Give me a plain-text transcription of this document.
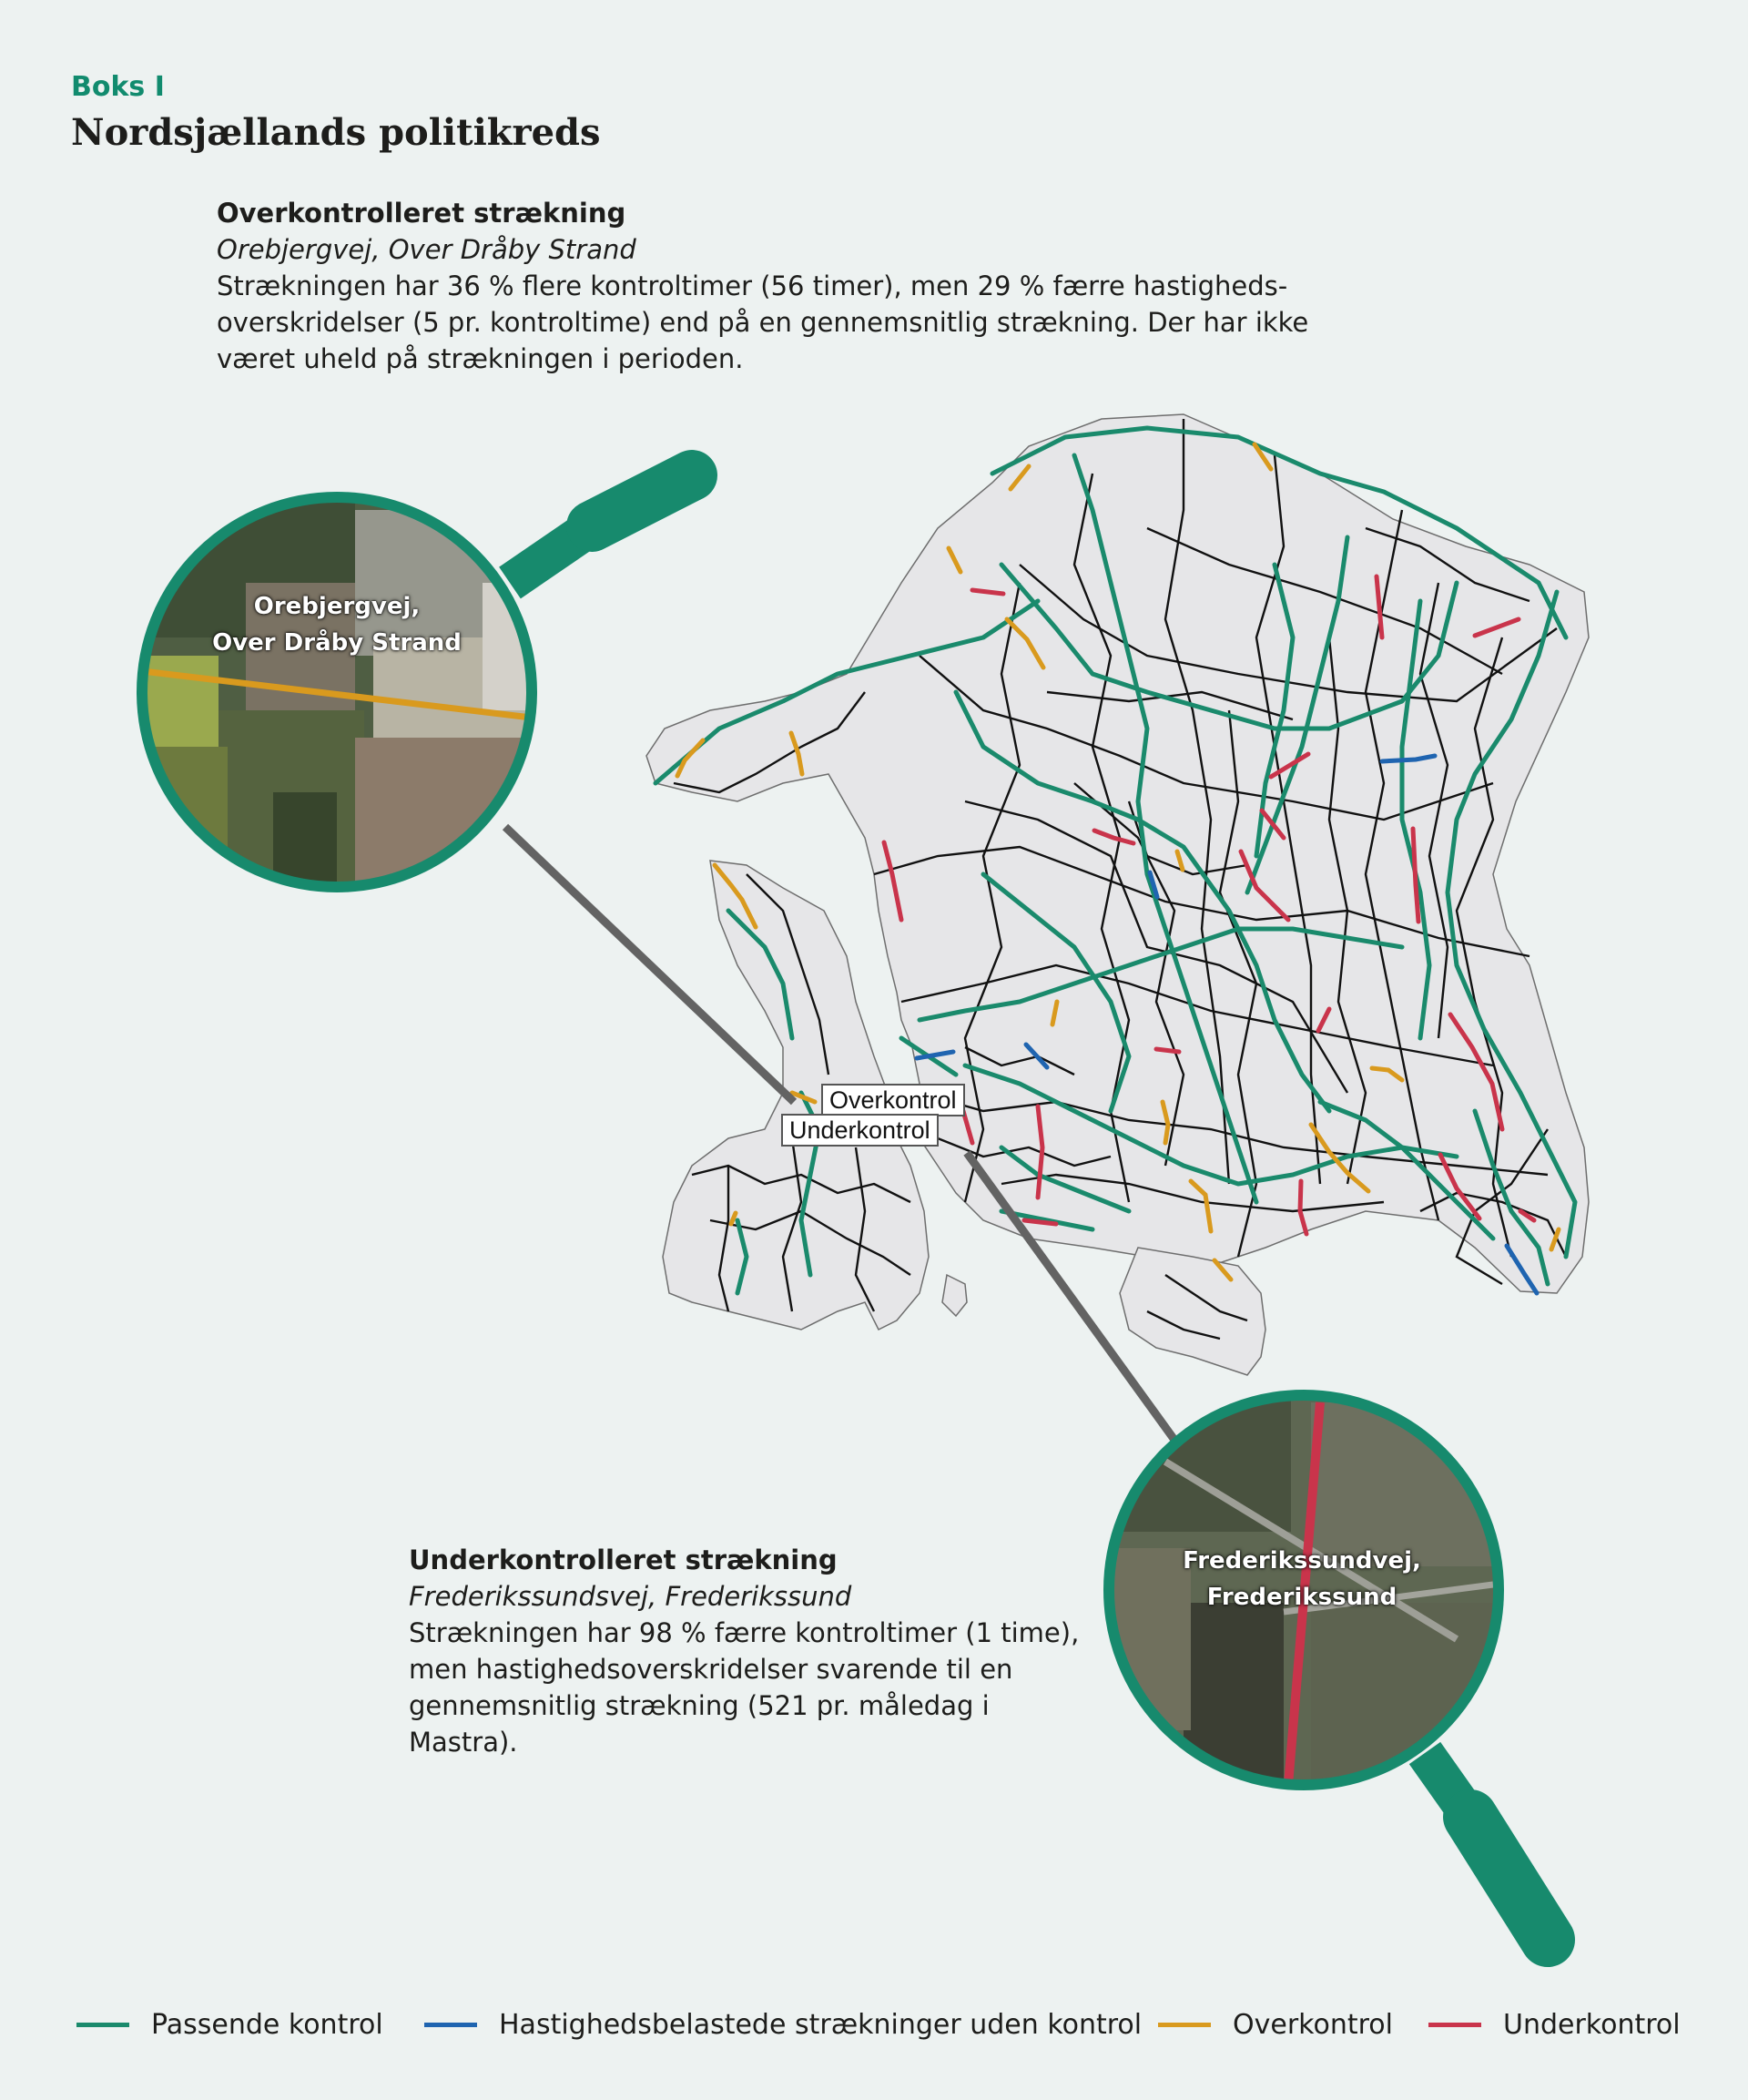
Boks I
Nordsjællands politikreds
Overkontrolleret strækning
Orebjergvej, Over Dråby Strand
Strækningen har 36 % flere kontroltimer (56 timer), men 29 % færre hastigheds-overskridelser (5 pr. kontroltime) end på en gennemsnitlig strækning. Der har ikke været uheld på strækningen i perioden.
Overkontrol
Underkontrol
Orebjergvej,
Over Dråby Strand
Frederikssundvej,
Frederikssund
Underkontrolleret strækning
Frederikssundsvej, Frederikssund
Strækningen har 98 % færre kontroltimer (1 time), men hastighedsoverskridelser svarende til en gennemsnitlig strækning (521 pr. måledag i Mastra).
Passende kontrol	Hastighedsbelastede strækninger uden kontrol	Overkontrol	Underkontrol
